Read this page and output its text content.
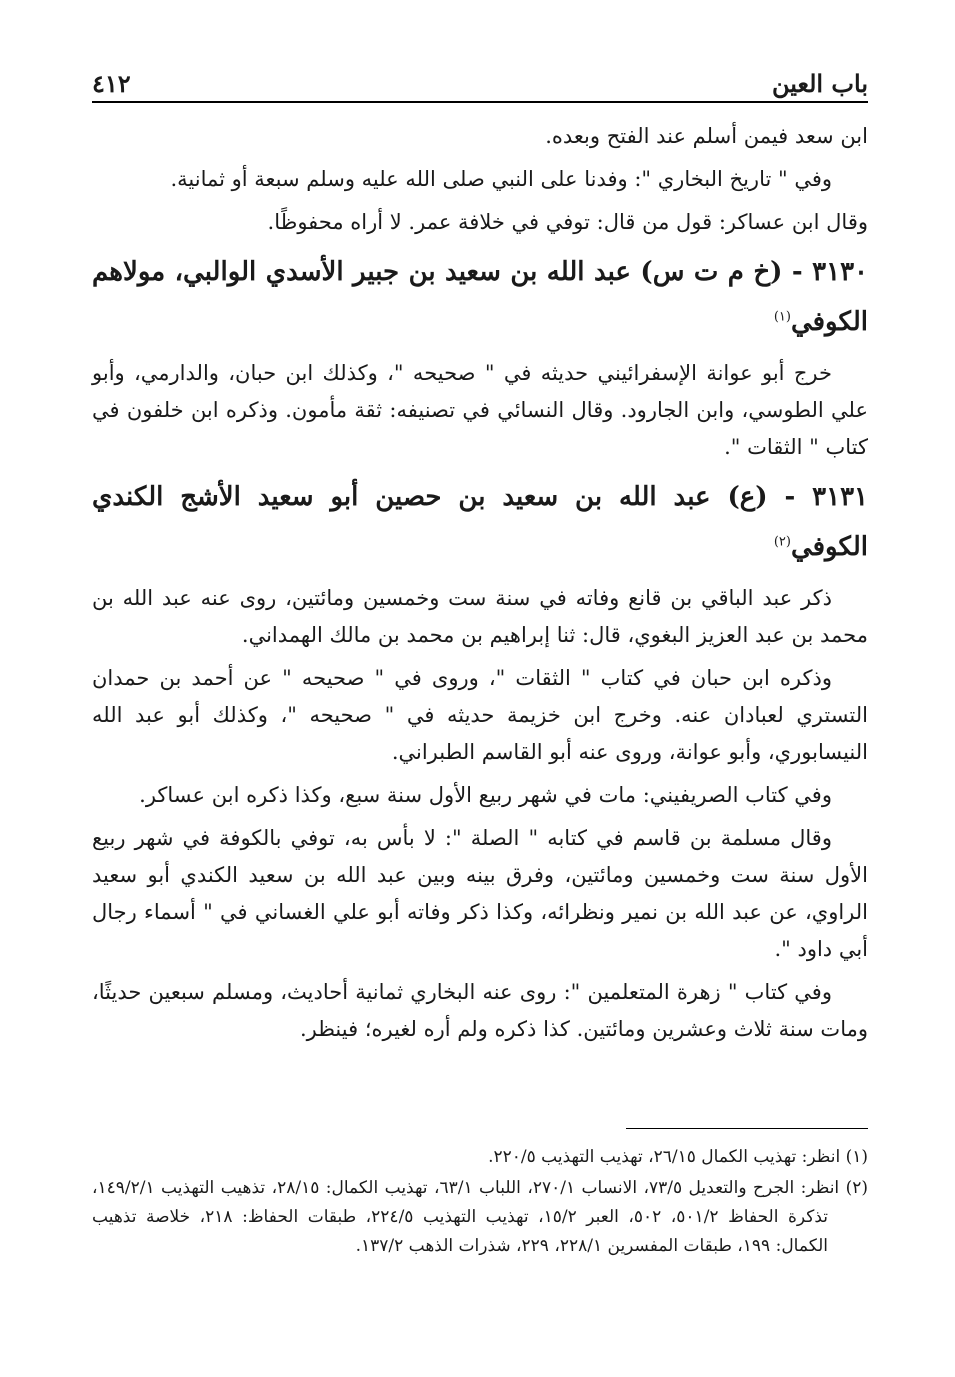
باب العين
٤١٢

ابن سعد فيمن أسلم عند الفتح وبعده.

وفي " تاريخ البخاري ": وفدنا على النبي صلى الله عليه وسلم سبعة أو ثمانية.

وقال ابن عساكر: قول من قال: توفي في خلافة عمر. لا أراه محفوظًا.

٣١٣٠ - (خ م ت س) عبد الله بن سعيد بن جبير الأسدي الوالبي، مولاهم الكوفي$^{(١)}$

خرج أبو عوانة الإسفرائيني حديثه في " صحيحه "، وكذلك ابن حبان، والدارمي، وأبو علي الطوسي، وابن الجارود. وقال النسائي في تصنيفه: ثقة مأمون. وذكره ابن خلفون في كتاب " الثقات ".

٣١٣١ - (ع) عبد الله بن سعيد بن حصين أبو سعيد الأشج الكندي الكوفي$^{(٢)}$

ذكر عبد الباقي بن قانع وفاته في سنة ست وخمسين ومائتين، روى عنه عبد الله بن محمد بن عبد العزيز البغوي، قال: ثنا إبراهيم بن محمد بن مالك الهمداني.

وذكره ابن حبان في كتاب " الثقات "، وروى في " صحيحه " عن أحمد بن حمدان التستري لعبادان عنه. وخرج ابن خزيمة حديثه في " صحيحه "، وكذلك أبو عبد الله النيسابوري، وأبو عوانة، وروى عنه أبو القاسم الطبراني.

وفي كتاب الصريفيني: مات في شهر ربيع الأول سنة سبع، وكذا ذكره ابن عساكر.

وقال مسلمة بن قاسم في كتابه " الصلة ": لا بأس به، توفي بالكوفة في شهر ربيع الأول سنة ست وخمسين ومائتين، وفرق بينه وبين عبد الله بن سعيد الكندي أبو سعيد الراوي، عن عبد الله بن نمير ونظرائه، وكذا ذكر وفاته أبو علي الغساني في " أسماء رجال أبي داود ".

وفي كتاب " زهرة المتعلمين ": روى عنه البخاري ثمانية أحاديث، ومسلم سبعين حديثًا، ومات سنة ثلاث وعشرين ومائتين. كذا ذكره ولم أره لغيره؛ فينظر.

(١) انظر: تهذيب الكمال ٢٦/١٥، تهذيب التهذيب ٢٢٠/٥.

(٢) انظر: الجرح والتعديل ٧٣/٥، الانساب ٢٧٠/١، اللباب ٦٣/١، تهذيب الكمال: ٢٨/١٥، تذهيب التهذيب ١٤٩/٢/١، تذكرة الحفاظ ٥٠١/٢، ٥٠٢، العبر ١٥/٢، تهذيب التهذيب ٢٢٤/٥، طبقات الحفاظ: ٢١٨، خلاصة تذهيب الكمال: ١٩٩، طبقات المفسرين ٢٢٨/١، ٢٢٩، شذرات الذهب ١٣٧/٢.
